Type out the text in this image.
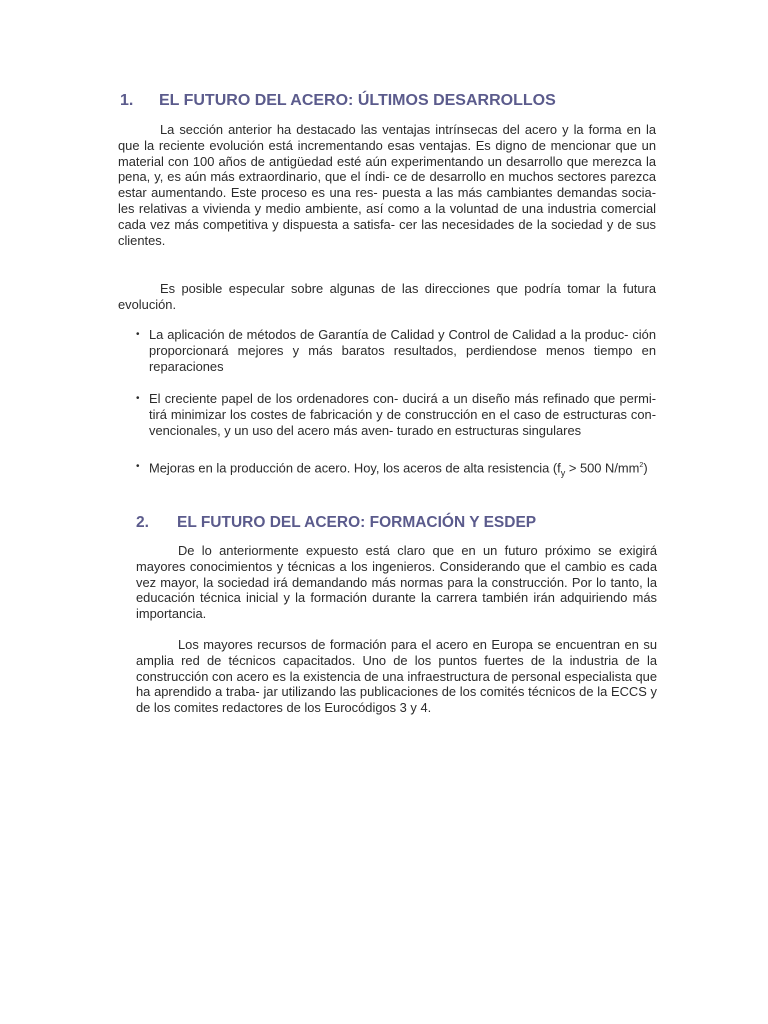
1. EL FUTURO DEL ACERO: ÚLTIMOS DESARROLLOS

La sección anterior ha destacado las ventajas intrínsecas del acero y la forma en la que la reciente evolución está incrementando esas ventajas. Es digno de mencionar que un material con 100 años de antigüedad esté aún experimentando un desarrollo que merezca la pena, y, es aún más extraordinario, que el índi- ce de desarrollo en muchos sectores parezca estar aumentando. Este proceso es una res- puesta a las más cambiantes demandas socia- les relativas a vivienda y medio ambiente, así como a la voluntad de una industria comercial cada vez más competitiva y dispuesta a satisfa- cer las necesidades de la sociedad y de sus clientes.

Es posible especular sobre algunas de las direcciones que podría tomar la futura evolución.

• La aplicación de métodos de Garantía de Calidad y Control de Calidad a la produc- ción proporcionará mejores y más baratos resultados, perdiendose menos tiempo en reparaciones
• El creciente papel de los ordenadores con- ducirá a un diseño más refinado que permi- tirá minimizar los costes de fabricación y de construcción en el caso de estructuras con- vencionales, y un uso del acero más aven- turado en estructuras singulares
• Mejoras en la producción de acero. Hoy, los aceros de alta resistencia ($f_y > 500$ $N/mm^2$)
2. EL FUTURO DEL ACERO: FORMACIÓN Y ESDEP

De lo anteriormente expuesto está claro que en un futuro próximo se exigirá mayores conocimientos y técnicas a los ingenieros. Considerando que el cambio es cada vez mayor, la sociedad irá demandando más normas para la construcción. Por lo tanto, la educación técnica inicial y la formación durante la carrera también irán adquiriendo más importancia.

Los mayores recursos de formación para el acero en Europa se encuentran en su amplia red de técnicos capacitados. Uno de los puntos fuertes de la industria de la construcción con acero es la existencia de una infraestructura de personal especialista que ha aprendido a traba- jar utilizando las publicaciones de los comités técnicos de la ECCS y de los comites redactores de los Eurocódigos 3 y 4.
